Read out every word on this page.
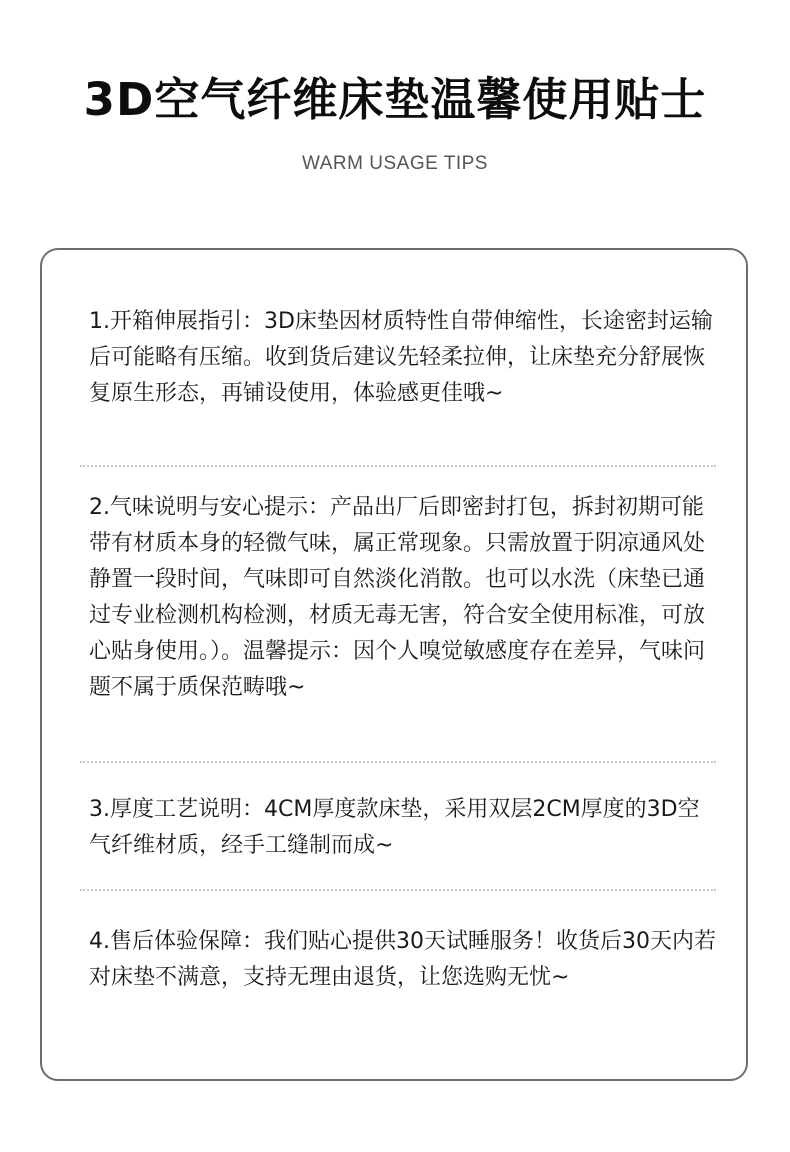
3D空气纤维床垫温馨使用贴士
WARM USAGE TIPS
1.开箱伸展指引：3D床垫因材质特性自带伸缩性，长途密封运输后可能略有压缩。收到货后建议先轻柔拉伸，让床垫充分舒展恢复原生形态，再铺设使用，体验感更佳哦~
2.气味说明与安心提示：产品出厂后即密封打包，拆封初期可能带有材质本身的轻微气味，属正常现象。只需放置于阴凉通风处静置一段时间，气味即可自然淡化消散。也可以水洗（床垫已通过专业检测机构检测，材质无毒无害，符合安全使用标准，可放心贴身使用。）。温馨提示：因个人嗅觉敏感度存在差异，气味问题不属于质保范畴哦~
3.厚度工艺说明：4CM厚度款床垫，采用双层2CM厚度的3D空气纤维材质，经手工缝制而成~
4.售后体验保障：我们贴心提供30天试睡服务！收货后30天内若对床垫不满意，支持无理由退货，让您选购无忧~
